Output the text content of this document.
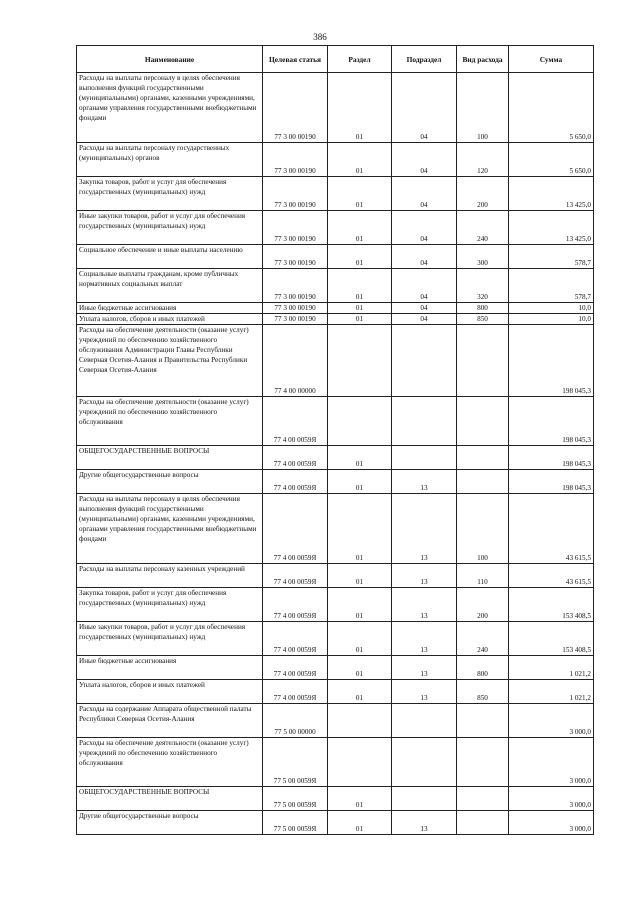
386
Наименование	Целевая статья	Раздел	Подраздел	Вид расхода	Сумма
Расходы на выплаты персоналу в целях обеспечения выполнения функций государственными (муниципальными) органами, казенными учреждениями, органами управления государственными внебюджетными фондами	77 3 00 00190	01	04	100	5 650,0
Расходы на выплаты персоналу государственных (муниципальных) органов	77 3 00 00190	01	04	120	5 650,0
Закупка товаров, работ и услуг для обеспечения государственных (муниципальных) нужд	77 3 00 00190	01	04	200	13 425,0
Иные закупки товаров, работ и услуг для обеспечения государственных (муниципальных) нужд	77 3 00 00190	01	04	240	13 425,0
Социальное обеспечение и иные выплаты населению	77 3 00 00190	01	04	300	578,7
Социальные выплаты гражданам, кроме публичных нормативных социальных выплат	77 3 00 00190	01	04	320	578,7
Иные бюджетные ассигнования	77 3 00 00190	01	04	800	10,0
Уплата налогов, сборов и иных платежей	77 3 00 00190	01	04	850	10,0
Расходы на обеспечение деятельности (оказание услуг) учреждений по обеспечению хозяйственного обслуживания Администрации Главы Республики Северная Осетия-Алания и Правительства Республики Северная Осетия-Алания	77 4 00 00000				198 045,3
Расходы на обеспечение деятельности (оказание услуг) учреждений по обеспечению хозяйственного обслуживания	77 4 00 0059Я				198 045,3
ОБЩЕГОСУДАРСТВЕННЫЕ ВОПРОСЫ	77 4 00 0059Я	01			198 045,3
Другие общегосударственные вопросы	77 4 00 0059Я	01	13		198 045,3
Расходы на выплаты персоналу в целях обеспечения выполнения функций государственными (муниципальными) органами, казенными учреждениями, органами управления государственными внебюджетными фондами	77 4 00 0059Я	01	13	100	43 615,5
Расходы на выплаты персоналу казенных учреждений	77 4 00 0059Я	01	13	110	43 615,5
Закупка товаров, работ и услуг для обеспечения государственных (муниципальных) нужд	77 4 00 0059Я	01	13	200	153 408,5
Иные закупки товаров, работ и услуг для обеспечения государственных (муниципальных) нужд	77 4 00 0059Я	01	13	240	153 408,5
Иные бюджетные ассигнования	77 4 00 0059Я	01	13	800	1 021,2
Уплата налогов, сборов и иных платежей	77 4 00 0059Я	01	13	850	1 021,2
Расходы на содержание Аппарата общественной палаты Республики Северная Осетия-Алания	77 5 00 00000				3 000,0
Расходы на обеспечение деятельности (оказание услуг) учреждений по обеспечению хозяйственного обслуживания	77 5 00 0059Я				3 000,0
ОБЩЕГОСУДАРСТВЕННЫЕ ВОПРОСЫ	77 5 00 0059Я	01			3 000,0
Другие общегосударственные вопросы	77 5 00 0059Я	01	13		3 000,0
